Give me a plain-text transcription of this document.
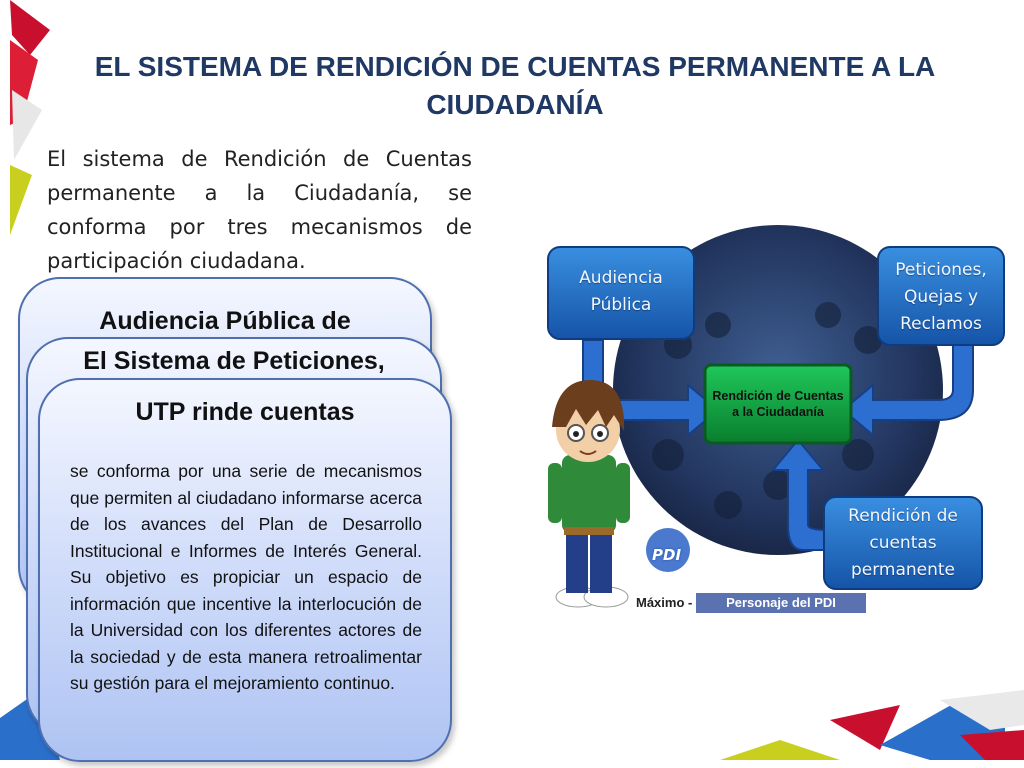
EL SISTEMA DE RENDICIÓN DE CUENTAS PERMANENTE A LA CIUDADANÍA
El sistema de Rendición de Cuentas permanente a la Ciudadanía, se conforma por tres mecanismos de participación ciudadana.
Audiencia Pública de
El Sistema de Peticiones,
UTP rinde cuentas
se conforma por una serie de mecanismos que permiten al ciudadano informarse acerca de los avances del Plan de Desarrollo Institucional e Informes de Interés General. Su objetivo es propiciar un espacio de información que incentive la interlocución de la Universidad con los diferentes actores de la sociedad y de esta manera retroalimentar su gestión para el mejoramiento continuo.
Audiencia
Pública
Peticiones,
Quejas y
Reclamos
Rendición de
cuentas
permanente
Rendición de Cuentas
a la Ciudadanía
PDI
Máximo -	Personaje del PDI
